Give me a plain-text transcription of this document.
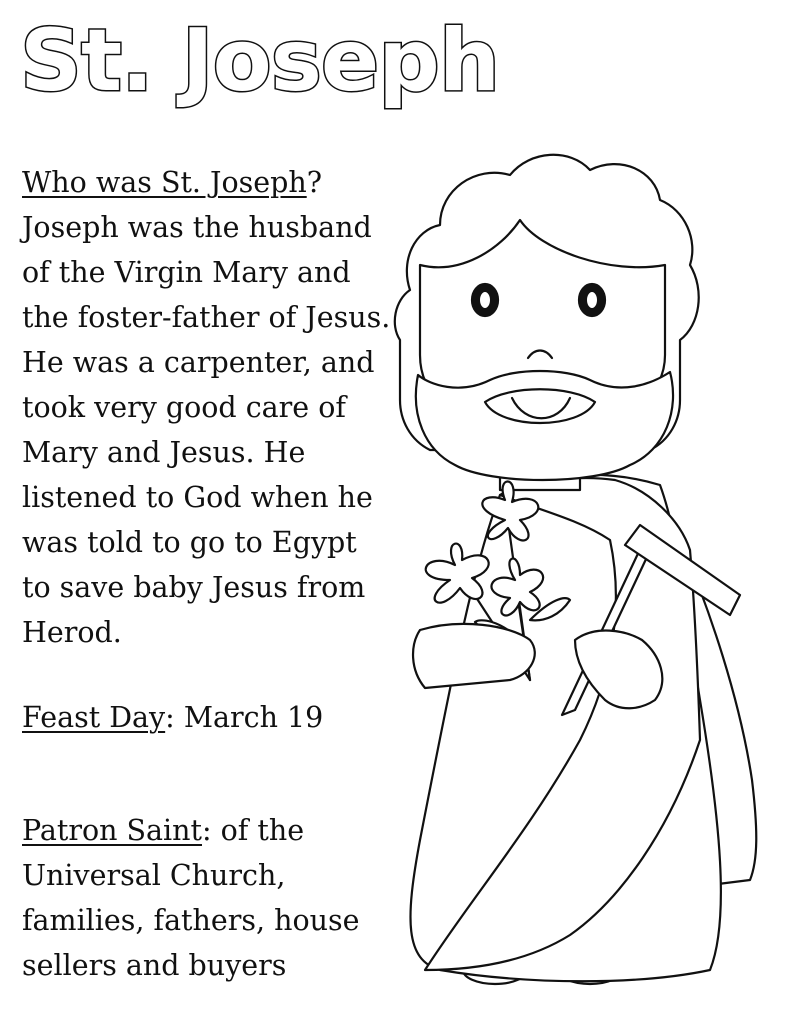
St. Joseph

Who was St. Joseph? Joseph was the husband of the Virgin Mary and the foster-father of Jesus. He was a carpenter, and took very good care of Mary and Jesus. He listened to God when he was told to go to Egypt to save baby Jesus from Herod.

Feast Day: March 19

Patron Saint: of the Universal Church, families, fathers, house sellers and buyers
